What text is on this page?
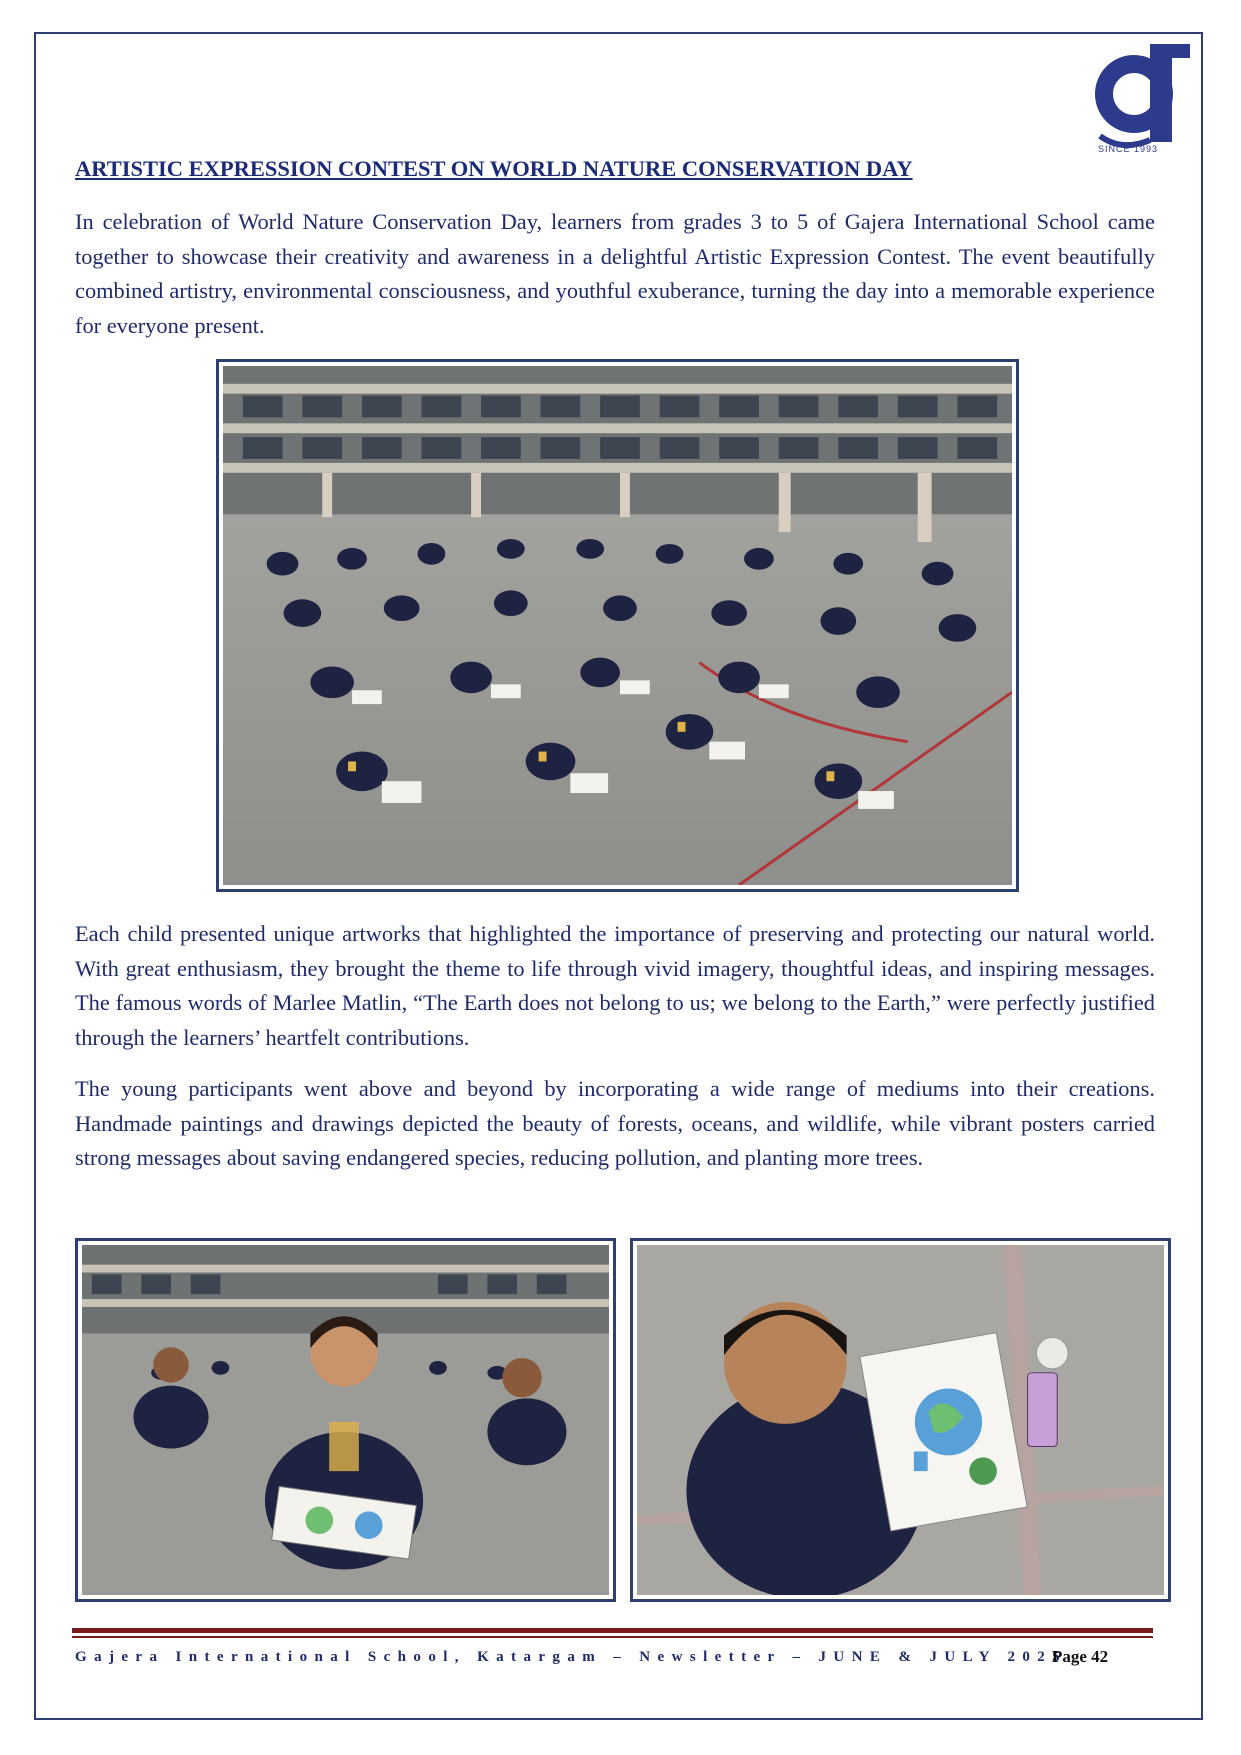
SINCE 1993
ARTISTIC EXPRESSION CONTEST ON WORLD NATURE CONSERVATION DAY

In celebration of World Nature Conservation Day, learners from grades 3 to 5 of Gajera International School came together to showcase their creativity and awareness in a delightful Artistic Expression Contest. The event beautifully combined artistry, environmental consciousness, and youthful exuberance, turning the day into a memorable experience for everyone present.

Each child presented unique artworks that highlighted the importance of preserving and protecting our natural world. With great enthusiasm, they brought the theme to life through vivid imagery, thoughtful ideas, and inspiring messages. The famous words of Marlee Matlin, “The Earth does not belong to us; we belong to the Earth,” were perfectly justified through the learners’ heartfelt contributions.

The young participants went above and beyond by incorporating a wide range of mediums into their creations. Handmade paintings and drawings depicted the beauty of forests, oceans, and wildlife, while vibrant posters carried strong messages about saving endangered species, reducing pollution, and planting more trees.

Gajera International School, Katargam – Newsletter – JUNE & JULY 2025
Page 42
